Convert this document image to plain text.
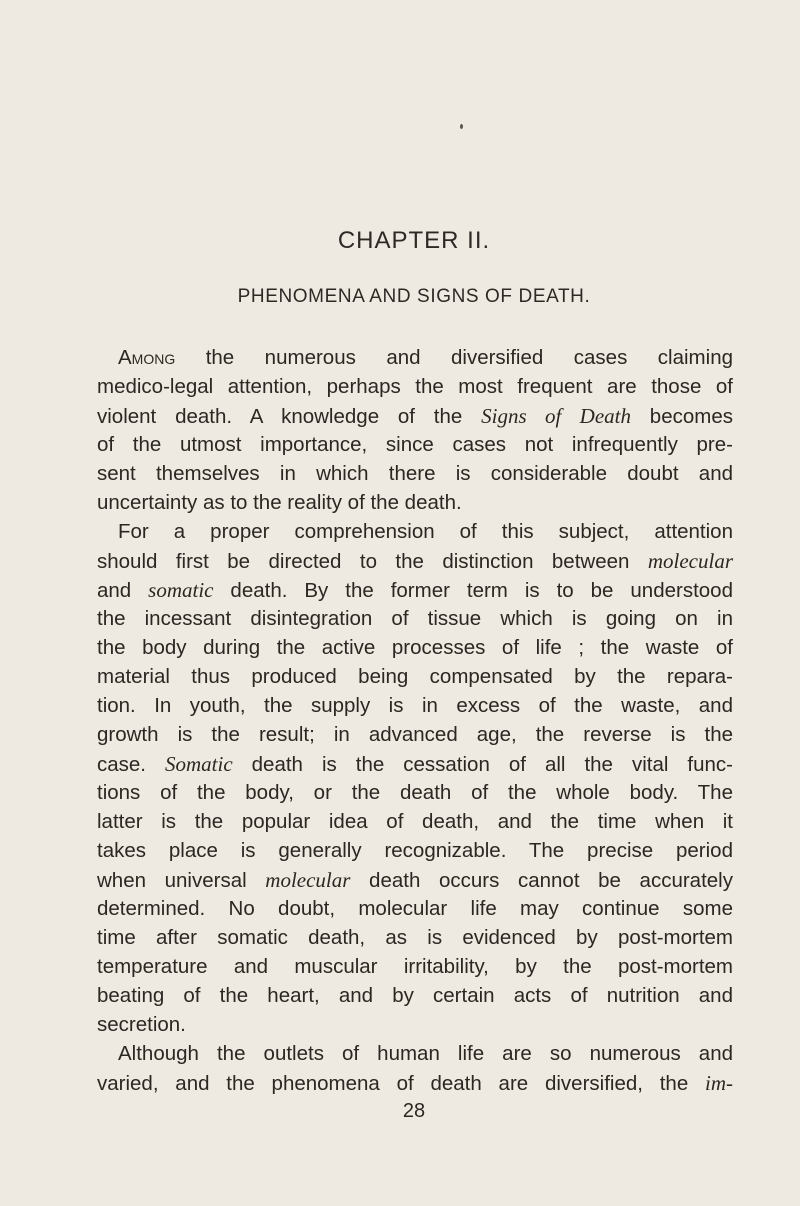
CHAPTER II.
PHENOMENA AND SIGNS OF DEATH.
Among the numerous and diversified cases claiming
medico-legal attention, perhaps the most frequent are those of
violent death. A knowledge of the Signs of Death becomes
of the utmost importance, since cases not infrequently pre-
sent themselves in which there is considerable doubt and
uncertainty as to the reality of the death.
For a proper comprehension of this subject, attention
should first be directed to the distinction between molecular
and somatic death. By the former term is to be understood
the incessant disintegration of tissue which is going on in
the body during the active processes of life ; the waste of
material thus produced being compensated by the repara-
tion. In youth, the supply is in excess of the waste, and
growth is the result; in advanced age, the reverse is the
case. Somatic death is the cessation of all the vital func-
tions of the body, or the death of the whole body. The
latter is the popular idea of death, and the time when it
takes place is generally recognizable. The precise period
when universal molecular death occurs cannot be accurately
determined. No doubt, molecular life may continue some
time after somatic death, as is evidenced by post-mortem
temperature and muscular irritability, by the post-mortem
beating of the heart, and by certain acts of nutrition and
secretion.
Although the outlets of human life are so numerous and
varied, and the phenomena of death are diversified, the im-
28
